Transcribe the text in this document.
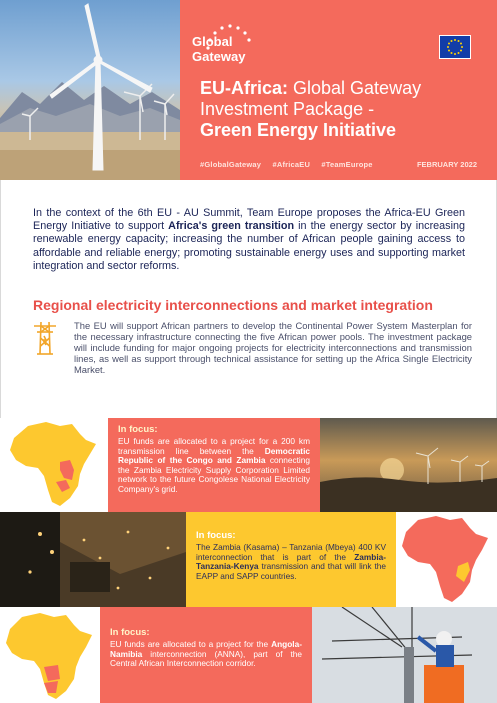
Global
Gateway
EU-Africa: Global Gateway Investment Package -
Green Energy Initiative
#GlobalGateway #AfricaEU #TeamEurope	FEBRUARY 2022

In the context of the 6th EU - AU Summit, Team Europe proposes the Africa-EU Green Energy Initiative to support Africa's green transition in the energy sector by increasing renewable energy capacity; increasing the number of African people gaining access to affordable and reliable energy; promoting sustainable energy uses and supporting market integration and sector reforms.

Regional electricity interconnections and market integration

The EU will support African partners to develop the Continental Power System Masterplan for the necessary infrastructure connecting the five African power pools. The investment package will include funding for major ongoing projects for electricity interconnections and transmission lines, as well as support through technical assistance for setting up the Africa Single Electricity Market.

In focus:

EU funds are allocated to a project for a 200 km transmission line between the Democratic Republic of the Congo and Zambia connecting the Zambia Electricity Supply Corporation Limited network to the future Congolese National Electricity Company's grid.

In focus:

The Zambia (Kasama) – Tanzania (Mbeya) 400 KV interconnection that is part of the Zambia-Tanzania-Kenya transmission and that will link the EAPP and SAPP countries.

In focus:

EU funds are allocated to a project for the Angola-Namibia interconnection (ANNA), part of the Central African Interconnection corridor.
